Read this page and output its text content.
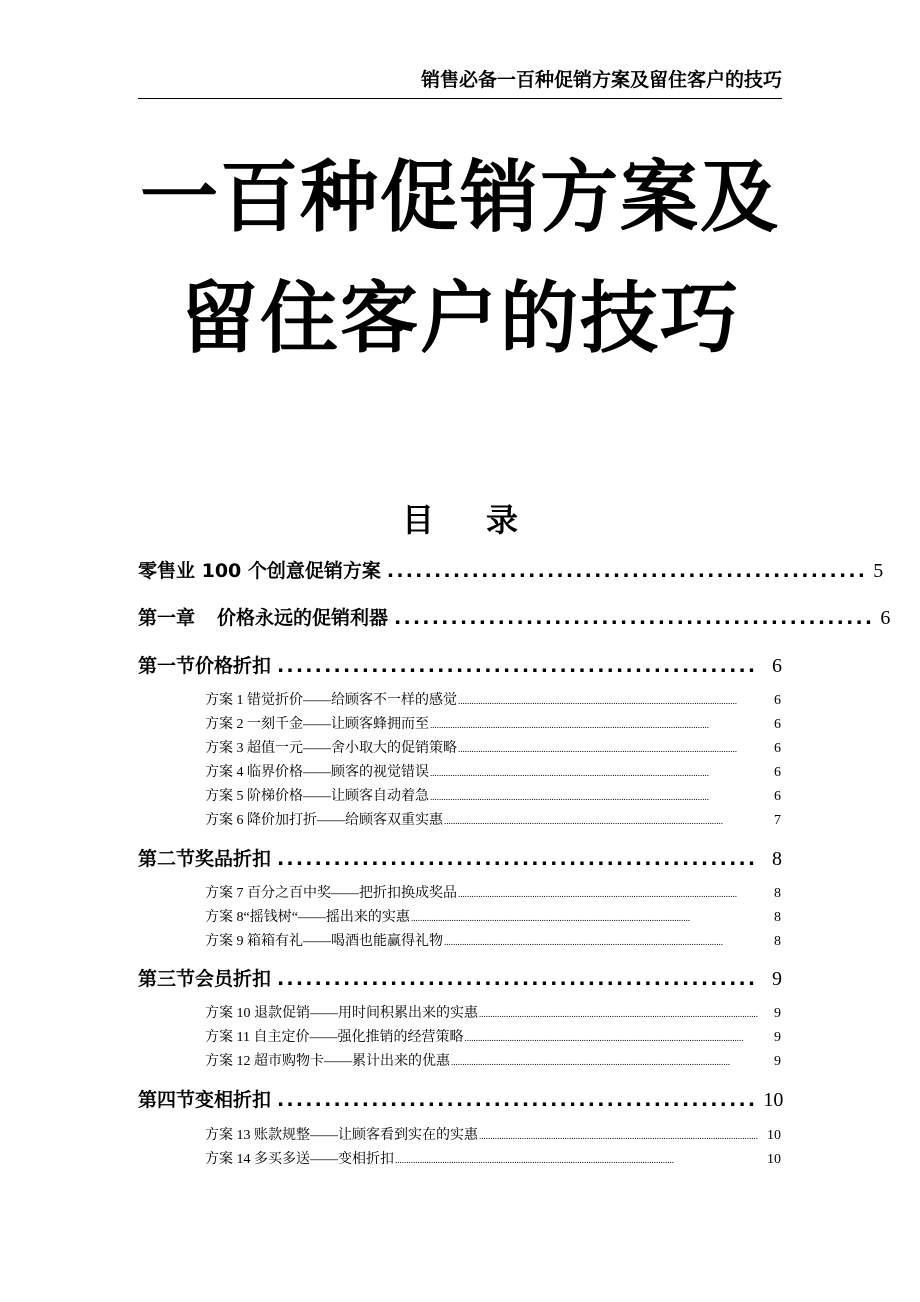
销售必备一百种促销方案及留住客户的技巧
一百种促销方案及
留住客户的技巧
目 录
零售业 100 个创意促销方案 ................................................... 5
第一章 价格永远的促销利器 ................................................... 6
第一节价格折扣 ................................................... 6
方案 1 错觉折价——给顾客不一样的感觉 ............................................................................................................................	6
方案 2 一刻千金——让顾客蜂拥而至 ............................................................................................................................	6
方案 3 超值一元——舍小取大的促销策略 ............................................................................................................................	6
方案 4 临界价格——顾客的视觉错误 ............................................................................................................................	6
方案 5 阶梯价格——让顾客自动着急 ............................................................................................................................	6
方案 6 降价加打折——给顾客双重实惠 ............................................................................................................................	7
第二节奖品折扣 ................................................... 8
方案 7 百分之百中奖——把折扣换成奖品 ............................................................................................................................	8
方案 8“摇钱树“——摇出来的实惠 ............................................................................................................................	8
方案 9 箱箱有礼——喝酒也能赢得礼物 ............................................................................................................................	8
第三节会员折扣 ................................................... 9
方案 10 退款促销——用时间积累出来的实惠 ............................................................................................................................	9
方案 11 自主定价——强化推销的经营策略 ............................................................................................................................	9
方案 12 超市购物卡——累计出来的优惠 ............................................................................................................................	9
第四节变相折扣 ................................................... 10
方案 13 账款规整——让顾客看到实在的实惠 ............................................................................................................................ 10
方案 14 多买多送——变相折扣 ............................................................................................................................	10
